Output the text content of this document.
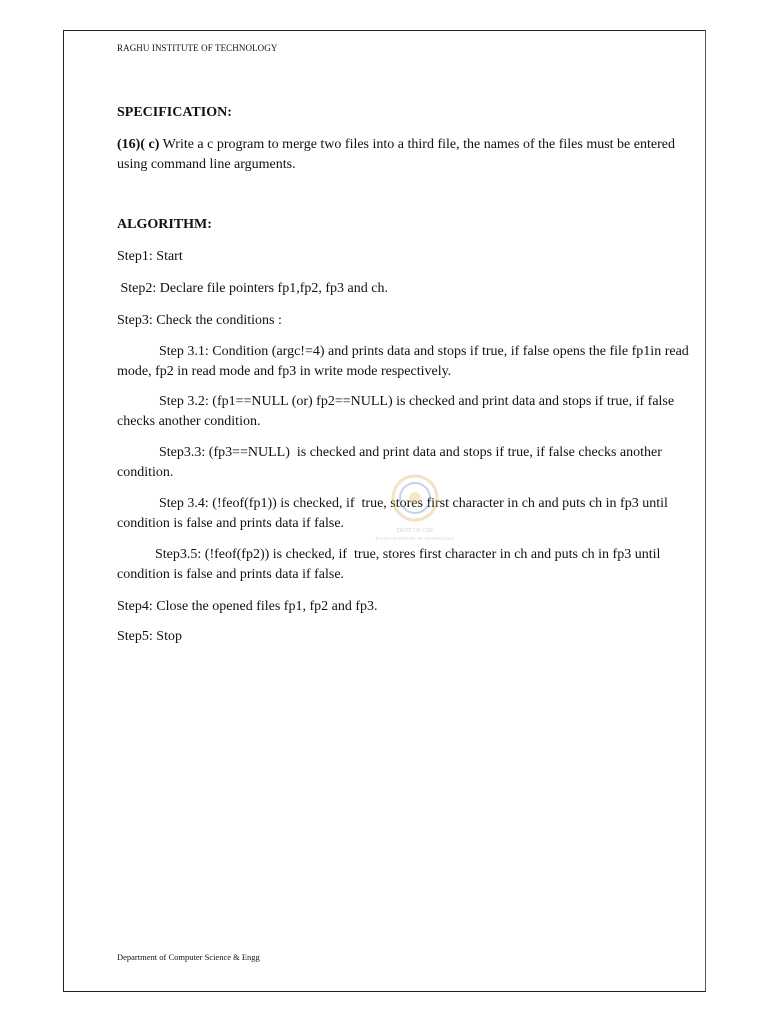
RAGHU INSTITUTE OF TECHNOLOGY
SPECIFICATION:
(16)( c) Write a c program to merge two files into a third file, the names of the files must be entered using command line arguments.
ALGORITHM:
Step1: Start
Step2: Declare file pointers fp1,fp2, fp3 and ch.
Step3: Check the conditions :
Step 3.1: Condition (argc!=4) and prints data and stops if true, if false opens the file fp1in read mode, fp2 in read mode and fp3 in write mode respectively.
Step 3.2: (fp1==NULL (or) fp2==NULL) is checked and print data and stops if true, if false checks another condition.
Step3.3: (fp3==NULL)  is checked and print data and stops if true, if false checks another condition.
Step 3.4: (!feof(fp1)) is checked, if  true, stores first character in ch and puts ch in fp3 until condition is false and prints data if false.
Step3.5: (!feof(fp2)) is checked, if  true, stores first character in ch and puts ch in fp3 until condition is false and prints data if false.
Step4: Close the opened files fp1, fp2 and fp3.
Step5: Stop
DEPT OF CSE
RAGHU INSTITUTE OF TECHNOLOGY
Department of Computer Science & Engg
